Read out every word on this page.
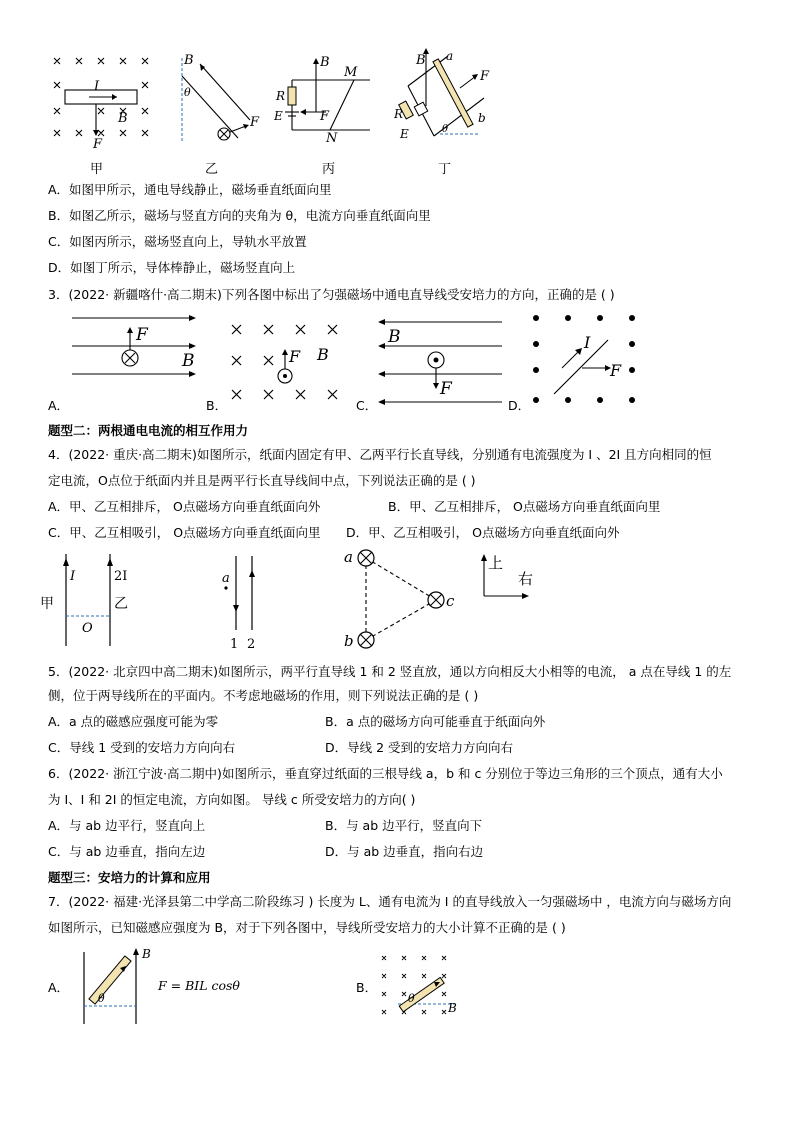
I
B
F
B
θ
F
B
M
R
E	F
N
B a
F
R
E
b
θ
甲	乙	丙	丁
A．如图甲所示，通电导线静止，磁场垂直纸面向里
B．如图乙所示，磁场与竖直方向的夹角为 θ，电流方向垂直纸面向里
C．如图丙所示，磁场竖直向上，导轨水平放置
D．如图丁所示，导体棒静止，磁场竖直向上
3．(2022· 新疆喀什·高二期末)下列各图中标出了匀强磁场中通电直导线受安培力的方向，正确的是 ( )
F
B
A．
F B
B．
B
F
C．
I
F
D．
题型二：两根通电电流的相互作用力
4．(2022· 重庆·高二期末)如图所示，纸面内固定有甲、乙两平行长直导线，分别通有电流强度为 I 、2I 且方向相同的恒
定电流，O点位于纸面内并且是两平行长直导线间中点，下列说法正确的是 ( )
A．甲、乙互相排斥， O点磁场方向垂直纸面向外	B．甲、乙互相排斥， O点磁场方向垂直纸面向里
C．甲、乙互相吸引， O点磁场方向垂直纸面向里 D．甲、乙互相吸引， O点磁场方向垂直纸面向外
I	2I
甲	乙
O
a
1 2
a
b
c
上
右
5．(2022· 北京四中高二期末)如图所示，两平行直导线 1 和 2 竖直放，通以方向相反大小相等的电流， a 点在导线 1 的左
侧，位于两导线所在的平面内。不考虑地磁场的作用，则下列说法正确的是 ( )
A．a 点的磁感应强度可能为零	B．a 点的磁场方向可能垂直于纸面向外
C．导线 1 受到的安培力方向向右	D．导线 2 受到的安培力方向向右
6．(2022· 浙江宁波·高二期中)如图所示，垂直穿过纸面的三根导线 a，b 和 c 分别位于等边三角形的三个顶点，通有大小
为 I、I 和 2I 的恒定电流，方向如图。 导线 c 所受安培力的方向( )
A．与 ab 边平行，竖直向上	B．与 ab 边平行，竖直向下
C．与 ab 边垂直，指向左边	D．与 ab 边垂直，指向右边
题型三：安培力的计算和应用
7．(2022· 福建·光泽县第二中学高二阶段练习 ) 长度为 L、通有电流为 I 的直导线放入一匀强磁场中 ，电流方向与磁场方向
如图所示，已知磁感应强度为 B，对于下列各图中，导线所受安培力的大小计算不正确的是 ( )
A．
B
θ
F = BIL cosθ	B．
θ
B
